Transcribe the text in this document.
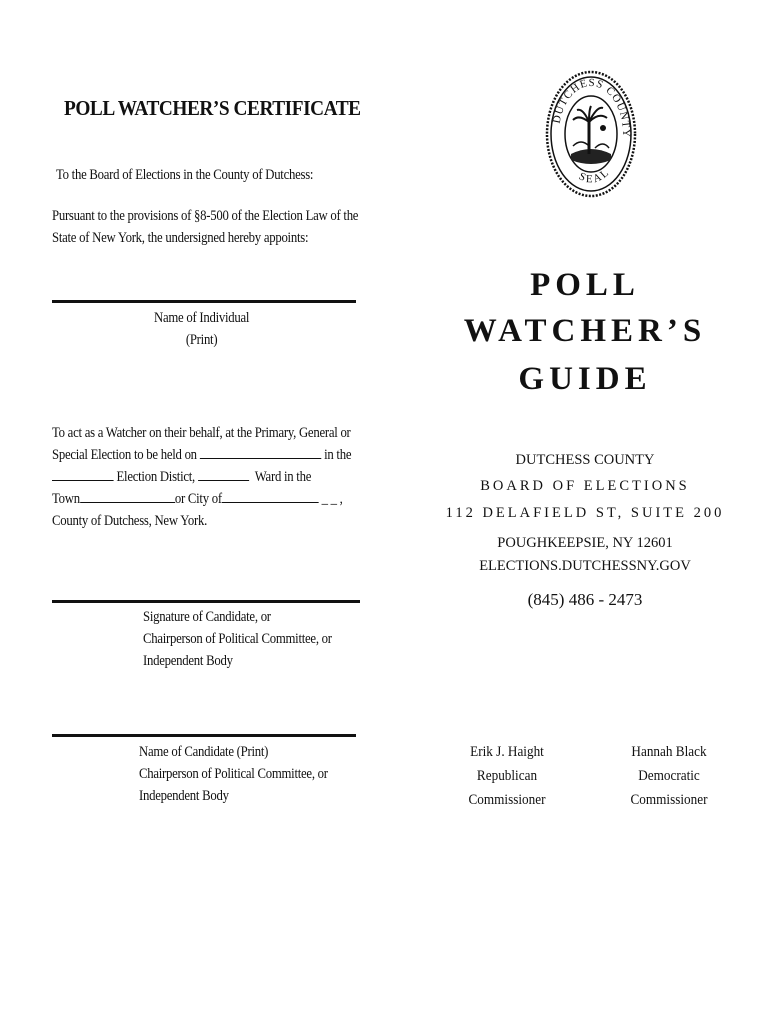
POLL WATCHER’S CERTIFICATE
To the Board of Elections in the County of Dutchess:
Pursuant to the provisions of §8-500 of the Election Law of the
State of New York, the undersigned hereby appoints:
Name of Individual
(Print)
To act as a Watcher on their behalf, at the Primary, General or
Special Election to be held on	in the
Election Distict,	Ward in the
Town	or City of	_ _ ,
County of Dutchess, New York.
Signature of Candidate, or
Chairperson of Political Committee, or
Independent Body
Name of Candidate (Print)
Chairperson of Political Committee, or
Independent Body
DUTCHESS COUNTY
SEAL
POLL WATCHER’S
GUIDE
DUTCHESS COUNTY
BOARD OF ELECTIONS
112 DELAFIELD ST, SUITE 200
POUGHKEEPSIE, NY 12601
ELECTIONS.DUTCHESSNY.GOV
(845) 486 - 2473
Erik J. Haight
Republican
Commissioner
Hannah Black
Democratic
Commissioner
